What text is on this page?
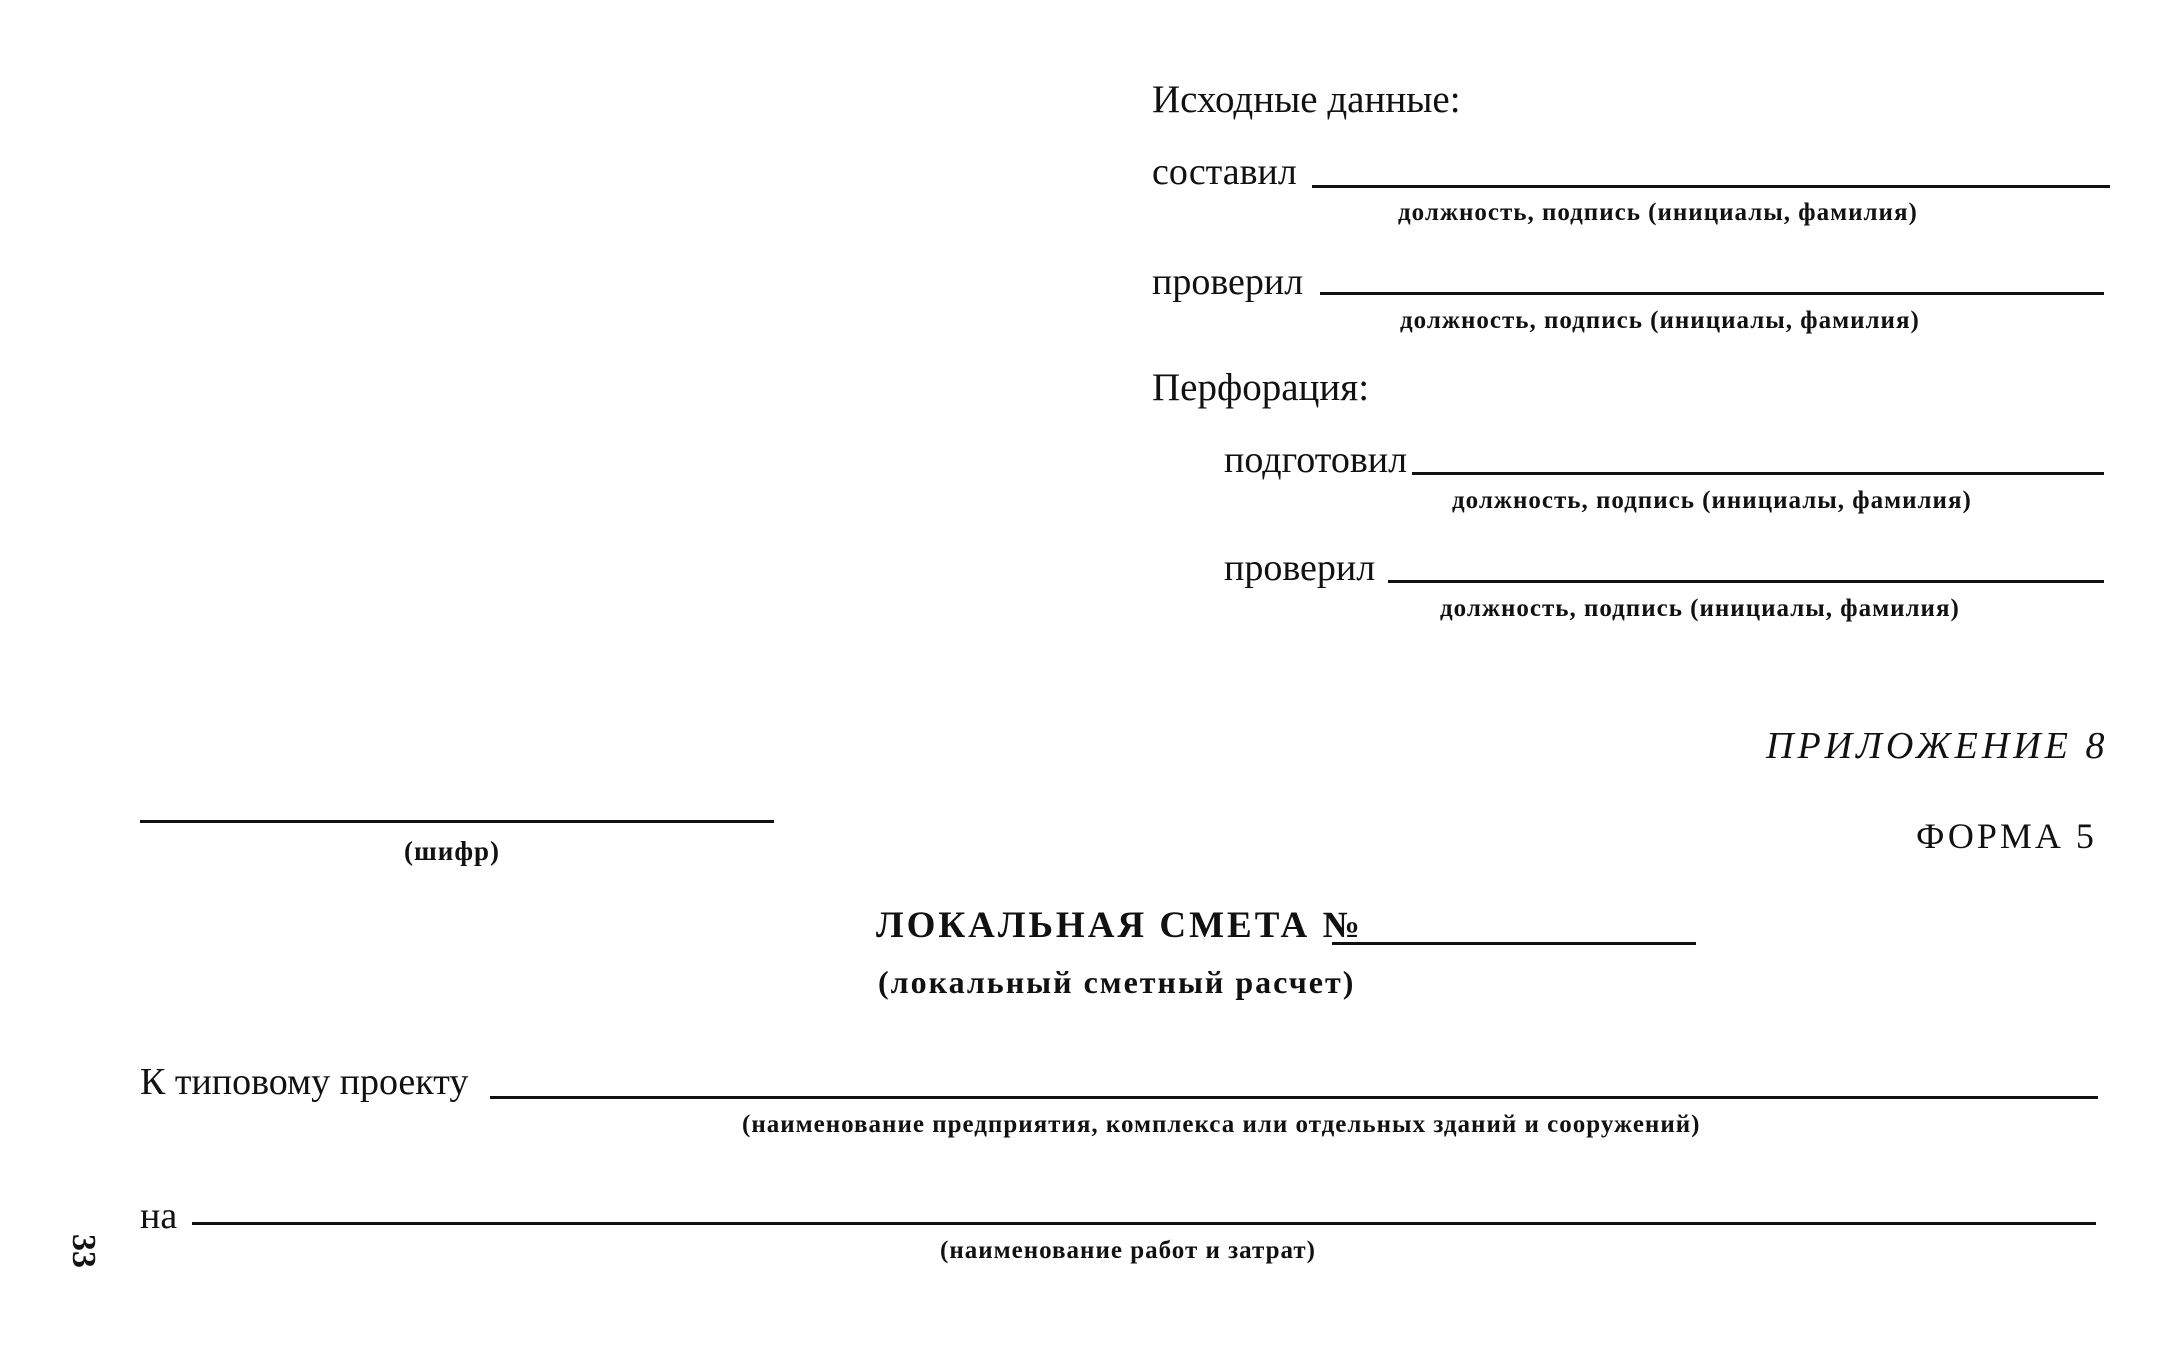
Исходные данные:
составил
должность, подпись (инициалы, фамилия)
проверил
должность, подпись (инициалы, фамилия)
Перфорация:
подготовил
должность, подпись (инициалы, фамилия)
проверил
должность, подпись (инициалы, фамилия)
ПРИЛОЖЕНИЕ 8
ФОРМА 5
(шифр)
ЛОКАЛЬНАЯ СМЕТА №
(локальный сметный расчет)
К типовому проекту
(наименование предприятия, комплекса или отдельных зданий и сооружений)
на
(наименование работ и затрат)
33
